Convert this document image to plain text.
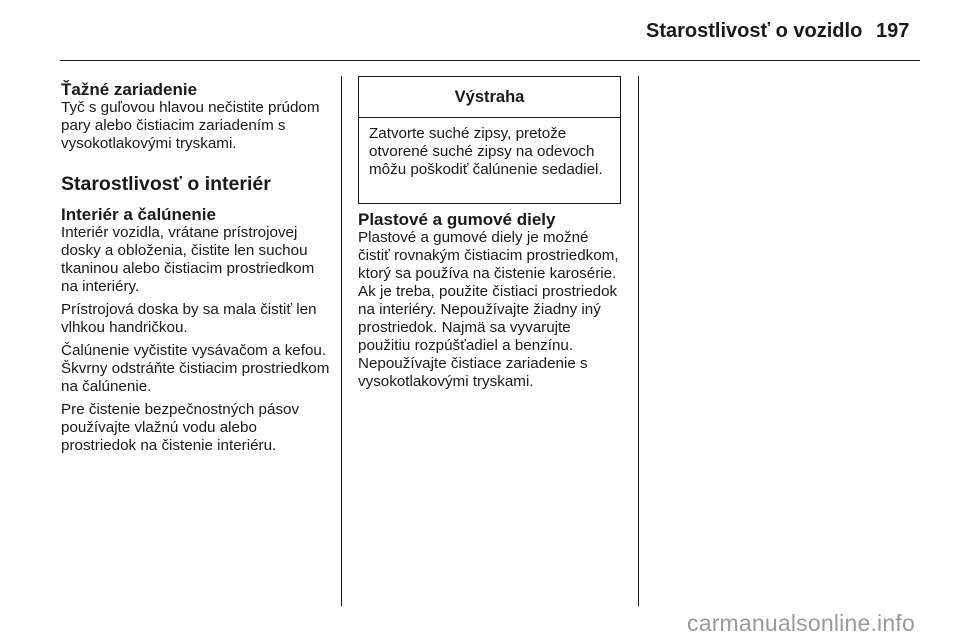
Starostlivosť o vozidlo 197
Ťažné zariadenie

Tyč s guľovou hlavou nečistite prúdom pary alebo čistiacim zariadením s vysokotlakovými tryskami.

Starostlivosť o interiér
Interiér a čalúnenie

Interiér vozidla, vrátane prístrojovej dosky a obloženia, čistite len suchou tkaninou alebo čistiacim prostriedkom na interiéry.

Prístrojová doska by sa mala čistiť len vlhkou handričkou.

Čalúnenie vyčistite vysávačom a kefou. Škvrny odstráňte čistiacim prostriedkom na čalúnenie.

Pre čistenie bezpečnostných pásov používajte vlažnú vodu alebo prostriedok na čistenie interiéru.

Výstraha
Zatvorte suché zipsy, pretože otvorené suché zipsy na odevoch môžu poškodiť čalúnenie sedadiel.
Plastové a gumové diely

Plastové a gumové diely je možné čistiť rovnakým čistiacim prostriedkom, ktorý sa používa na čistenie karosérie. Ak je treba, použite čistiaci prostriedok na interiéry. Nepoužívajte žiadny iný prostriedok. Najmä sa vyvarujte použitiu rozpúšťadiel a benzínu. Nepoužívajte čistiace zariadenie s vysokotlakovými tryskami.

carmanualsonline.info
